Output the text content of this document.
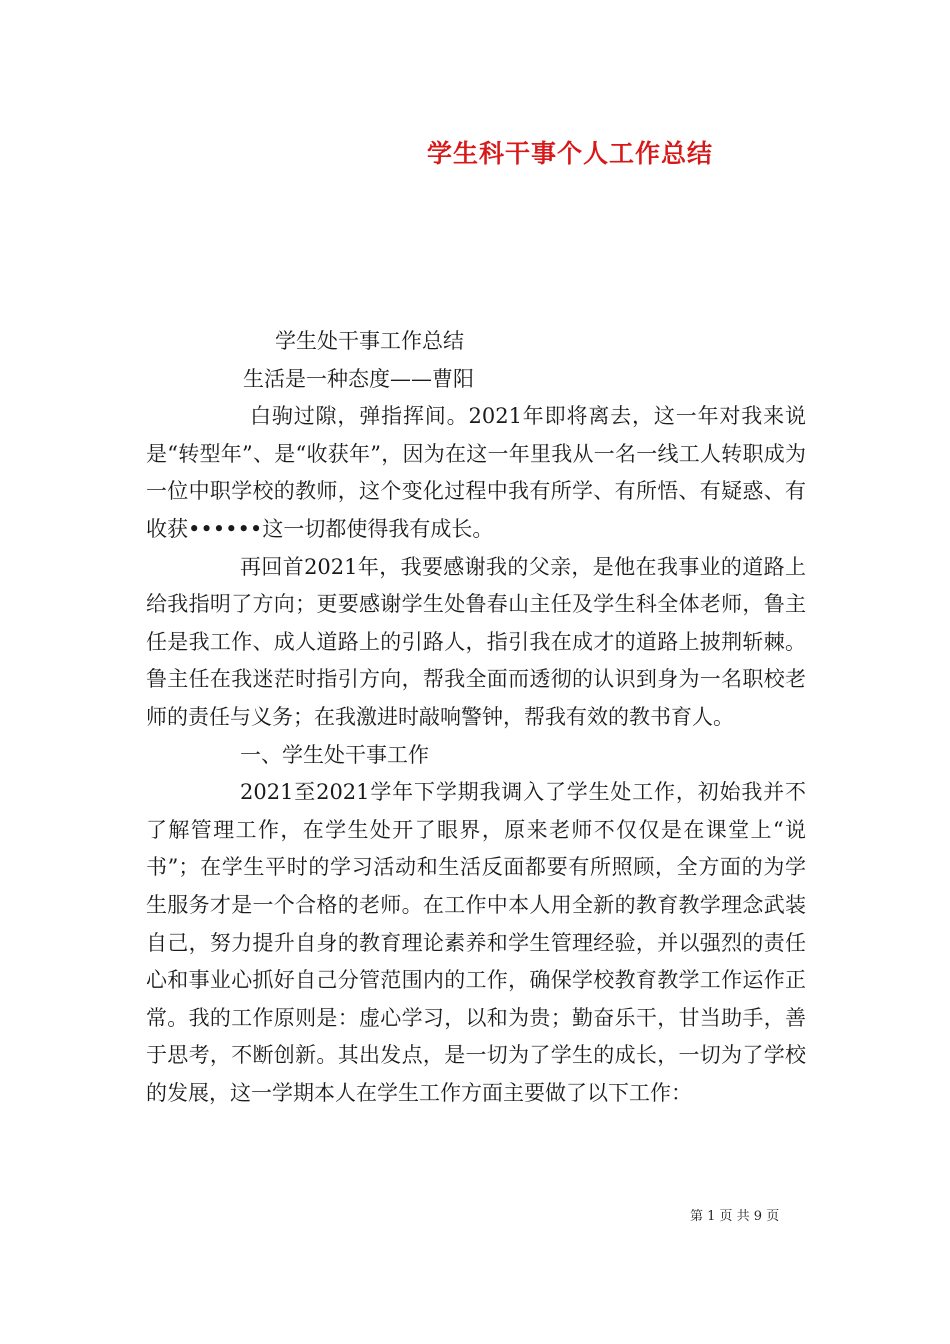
学生科干事个人工作总结

学生处干事工作总结

生活是一种态度——曹阳

白驹过隙，弹指挥间。2021年即将离去，这一年对我来说是“转型年”、是“收获年”，因为在这一年里我从一名一线工人转职成为一位中职学校的教师，这个变化过程中我有所学、有所悟、有疑惑、有收获••••••这一切都使得我有成长。

再回首2021年，我要感谢我的父亲，是他在我事业的道路上给我指明了方向；更要感谢学生处鲁春山主任及学生科全体老师，鲁主任是我工作、成人道路上的引路人，指引我在成才的道路上披荆斩棘。鲁主任在我迷茫时指引方向，帮我全面而透彻的认识到身为一名职校老师的责任与义务；在我激进时敲响警钟，帮我有效的教书育人。

一、学生处干事工作

2021至2021学年下学期我调入了学生处工作，初始我并不了解管理工作，在学生处开了眼界，原来老师不仅仅是在课堂上“说书”；在学生平时的学习活动和生活反面都要有所照顾，全方面的为学生服务才是一个合格的老师。在工作中本人用全新的教育教学理念武装自己，努力提升自身的教育理论素养和学生管理经验，并以强烈的责任心和事业心抓好自己分管范围内的工作，确保学校教育教学工作运作正常。我的工作原则是：虚心学习，以和为贵；勤奋乐干，甘当助手，善于思考，不断创新。其出发点，是一切为了学生的成长，一切为了学校的发展，这一学期本人在学生工作方面主要做了以下工作：

第 1 页 共 9 页
